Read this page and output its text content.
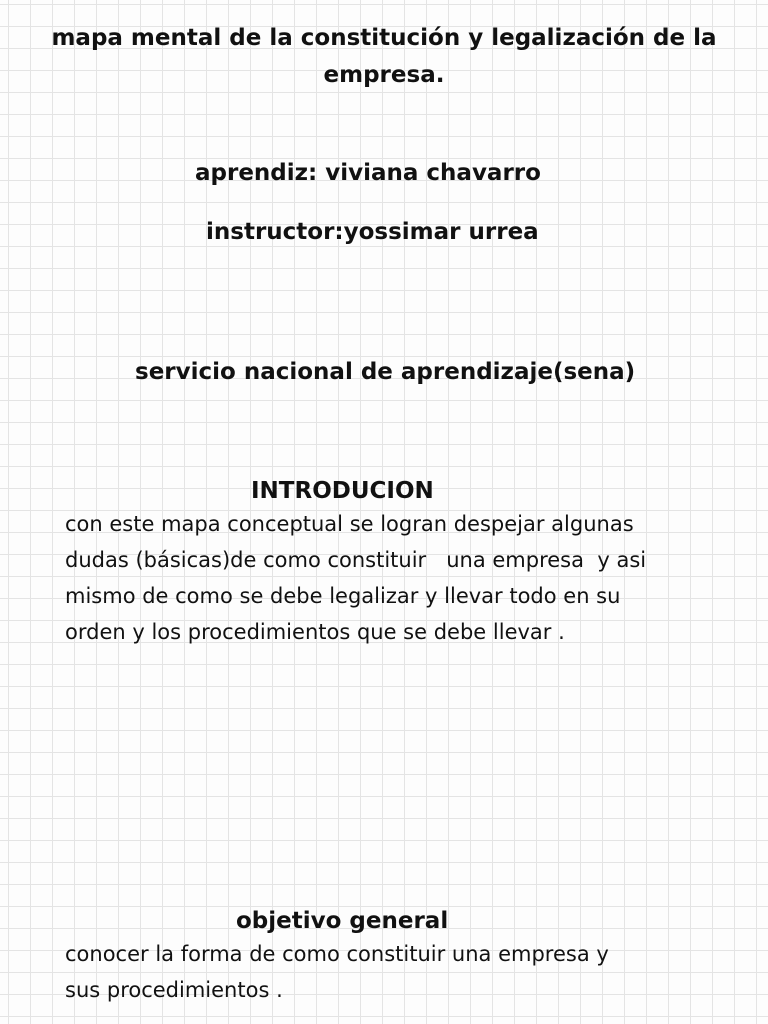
mapa mental de la constitución y legalización de la
empresa.

aprendiz: viviana chavarro

instructor:yossimar urrea

servicio nacional de aprendizaje(sena)

INTRODUCION
con este mapa conceptual se logran despejar algunas
dudas (básicas)de como constituir   una empresa  y asi
mismo de como se debe legalizar y llevar todo en su
orden y los procedimientos que se debe llevar .
objetivo general
conocer la forma de como constituir una empresa y
sus procedimientos .
